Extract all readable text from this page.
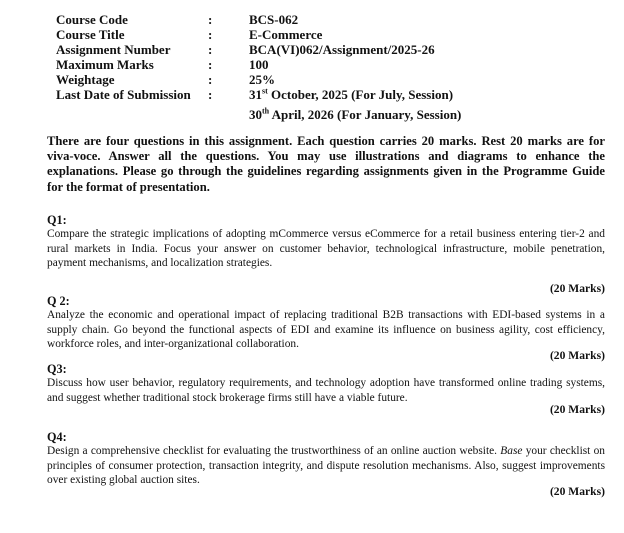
Course Code	:	BCS-062
Course Title	:	E-Commerce
Assignment Number	:	BCA(VI)062/Assignment/2025-26
Maximum Marks	:	100
Weightage	:	25%
Last Date of Submission :	31st October, 2025 (For July, Session)
30th April, 2026 (For January, Session)
There are four questions in this assignment. Each question carries 20 marks. Rest 20 marks are for viva-voce. Answer all the questions. You may use illustrations and diagrams to enhance the explanations. Please go through the guidelines regarding assignments given in the Programme Guide for the format of presentation.
Q1:
Compare the strategic implications of adopting mCommerce versus eCommerce for a retail business entering tier-2 and rural markets in India. Focus your answer on customer behavior, technological infrastructure, mobile penetration, payment mechanisms, and localization strategies.
(20 Marks)
Q 2:
Analyze the economic and operational impact of replacing traditional B2B transactions with EDI-based systems in a supply chain. Go beyond the functional aspects of EDI and examine its influence on business agility, cost efficiency, workforce roles, and inter-organizational collaboration.
(20 Marks)
Q3:
Discuss how user behavior, regulatory requirements, and technology adoption have transformed online trading systems, and suggest whether traditional stock brokerage firms still have a viable future.
(20 Marks)
Q4:
Design a comprehensive checklist for evaluating the trustworthiness of an online auction website. Base your checklist on principles of consumer protection, transaction integrity, and dispute resolution mechanisms. Also, suggest improvements over existing global auction sites.
(20 Marks)
